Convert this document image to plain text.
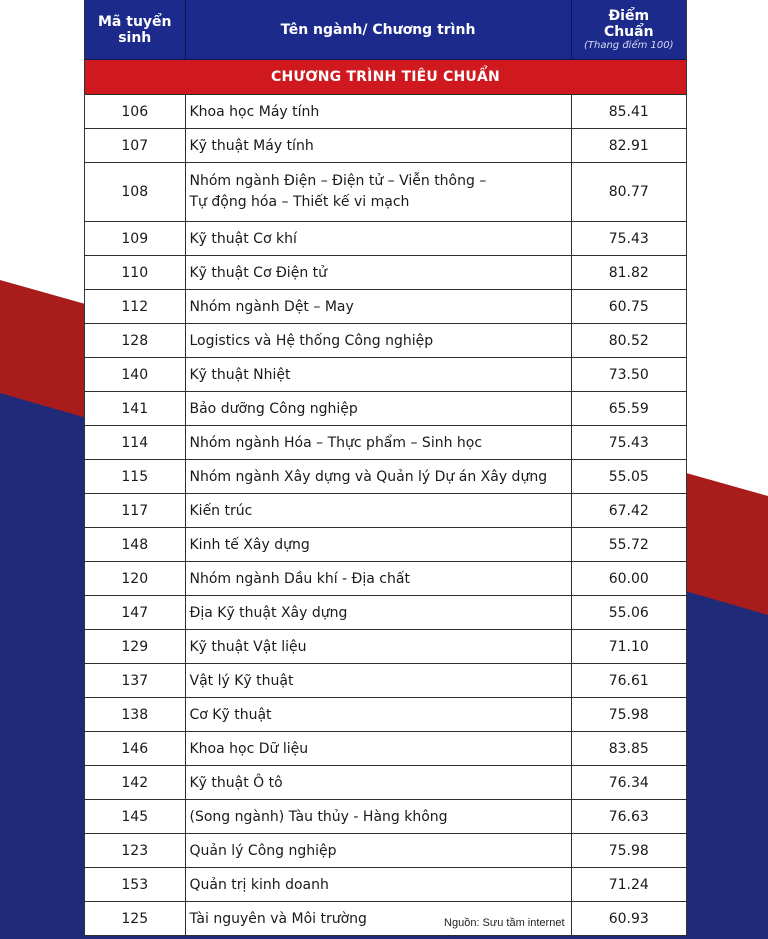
Mã tuyển sinh	Tên ngành/ Chương trình	Điểm Chuẩn
(Thang điểm 100)

CHƯƠNG TRÌNH TIÊU CHUẨN		
106	Khoa học Máy tính	85.41
107	Kỹ thuật Máy tính	82.91
108	Nhóm ngành Điện – Điện tử – Viễn thông –
Tự động hóa – Thiết kế vi mạch	80.77
109	Kỹ thuật Cơ khí	75.43
110	Kỹ thuật Cơ Điện tử	81.82
112	Nhóm ngành Dệt – May	60.75
128	Logistics và Hệ thống Công nghiệp	80.52
140	Kỹ thuật Nhiệt	73.50
141	Bảo dưỡng Công nghiệp	65.59
114	Nhóm ngành Hóa – Thực phẩm – Sinh học	75.43
115	Nhóm ngành Xây dựng và Quản lý Dự án Xây dựng	55.05
117	Kiến trúc	67.42
148	Kinh tế Xây dựng	55.72
120	Nhóm ngành Dầu khí - Địa chất	60.00
147	Địa Kỹ thuật Xây dựng	55.06
129	Kỹ thuật Vật liệu	71.10
137	Vật lý Kỹ thuật	76.61
138	Cơ Kỹ thuật	75.98
146	Khoa học Dữ liệu	83.85
142	Kỹ thuật Ô tô	76.34
145	(Song ngành) Tàu thủy - Hàng không	76.63
123	Quản lý Công nghiệp	75.98
153	Quản trị kinh doanh	71.24
125	Tài nguyên và Môi trường Nguồn: Sưu tầm internet	60.93
